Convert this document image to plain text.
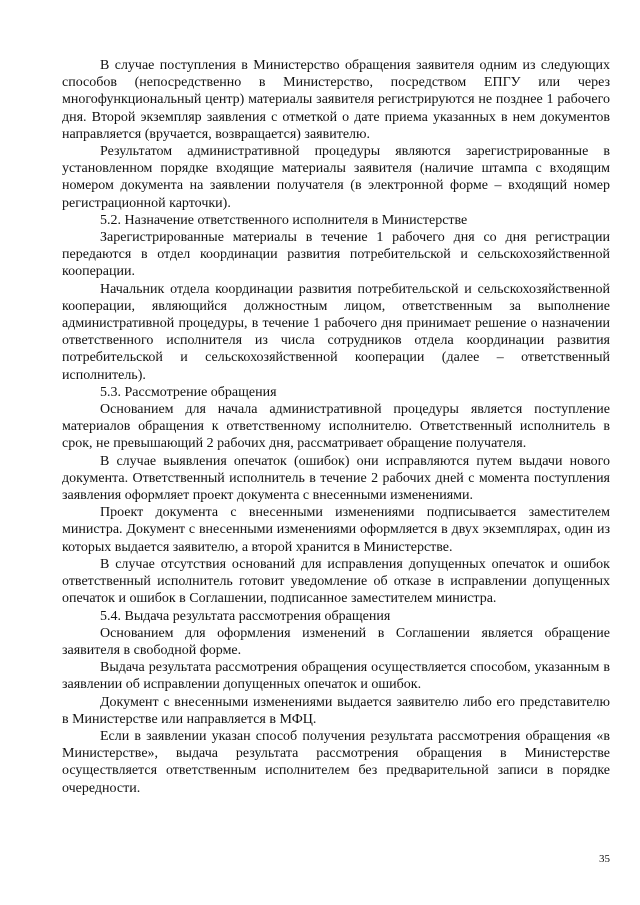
В случае поступления в Министерство обращения заявителя одним из следующих способов (непосредственно в Министерство, посредством ЕПГУ или через многофункциональный центр) материалы заявителя регистрируются не позднее 1 рабочего дня. Второй экземпляр заявления с отметкой о дате приема указанных в нем документов направляется (вручается, возвращается) заявителю.

Результатом административной процедуры являются зарегистрированные в установленном порядке входящие материалы заявителя (наличие штампа с входящим номером документа на заявлении получателя (в электронной форме – входящий номер регистрационной карточки).

5.2. Назначение ответственного исполнителя в Министерстве

Зарегистрированные материалы в течение 1 рабочего дня со дня регистрации передаются в отдел координации развития потребительской и сельскохозяйственной кооперации.

Начальник отдела координации развития потребительской и сельскохозяйственной кооперации, являющийся должностным лицом, ответственным за выполнение административной процедуры, в течение 1 рабочего дня принимает решение о назначении ответственного исполнителя из числа сотрудников отдела координации развития потребительской и сельскохозяйственной кооперации (далее – ответственный исполнитель).

5.3. Рассмотрение обращения

Основанием для начала административной процедуры является поступление материалов обращения к ответственному исполнителю. Ответственный исполнитель в срок, не превышающий 2 рабочих дня, рассматривает обращение получателя.

В случае выявления опечаток (ошибок) они исправляются путем выдачи нового документа. Ответственный исполнитель в течение 2 рабочих дней с момента поступления заявления оформляет проект документа с внесенными изменениями.

Проект документа с внесенными изменениями подписывается заместителем министра. Документ с внесенными изменениями оформляется в двух экземплярах, один из которых выдается заявителю, а второй хранится в Министерстве.

В случае отсутствия оснований для исправления допущенных опечаток и ошибок ответственный исполнитель готовит уведомление об отказе в исправлении допущенных опечаток и ошибок в Соглашении, подписанное заместителем министра.

5.4. Выдача результата рассмотрения обращения

Основанием для оформления изменений в Соглашении является обращение заявителя в свободной форме.

Выдача результата рассмотрения обращения осуществляется способом, указанным в заявлении об исправлении допущенных опечаток и ошибок.

Документ с внесенными изменениями выдается заявителю либо его представителю в Министерстве или направляется в МФЦ.

Если в заявлении указан способ получения результата рассмотрения обращения «в Министерстве», выдача результата рассмотрения обращения в Министерстве осуществляется ответственным исполнителем без предварительной записи в порядке очередности.

35
